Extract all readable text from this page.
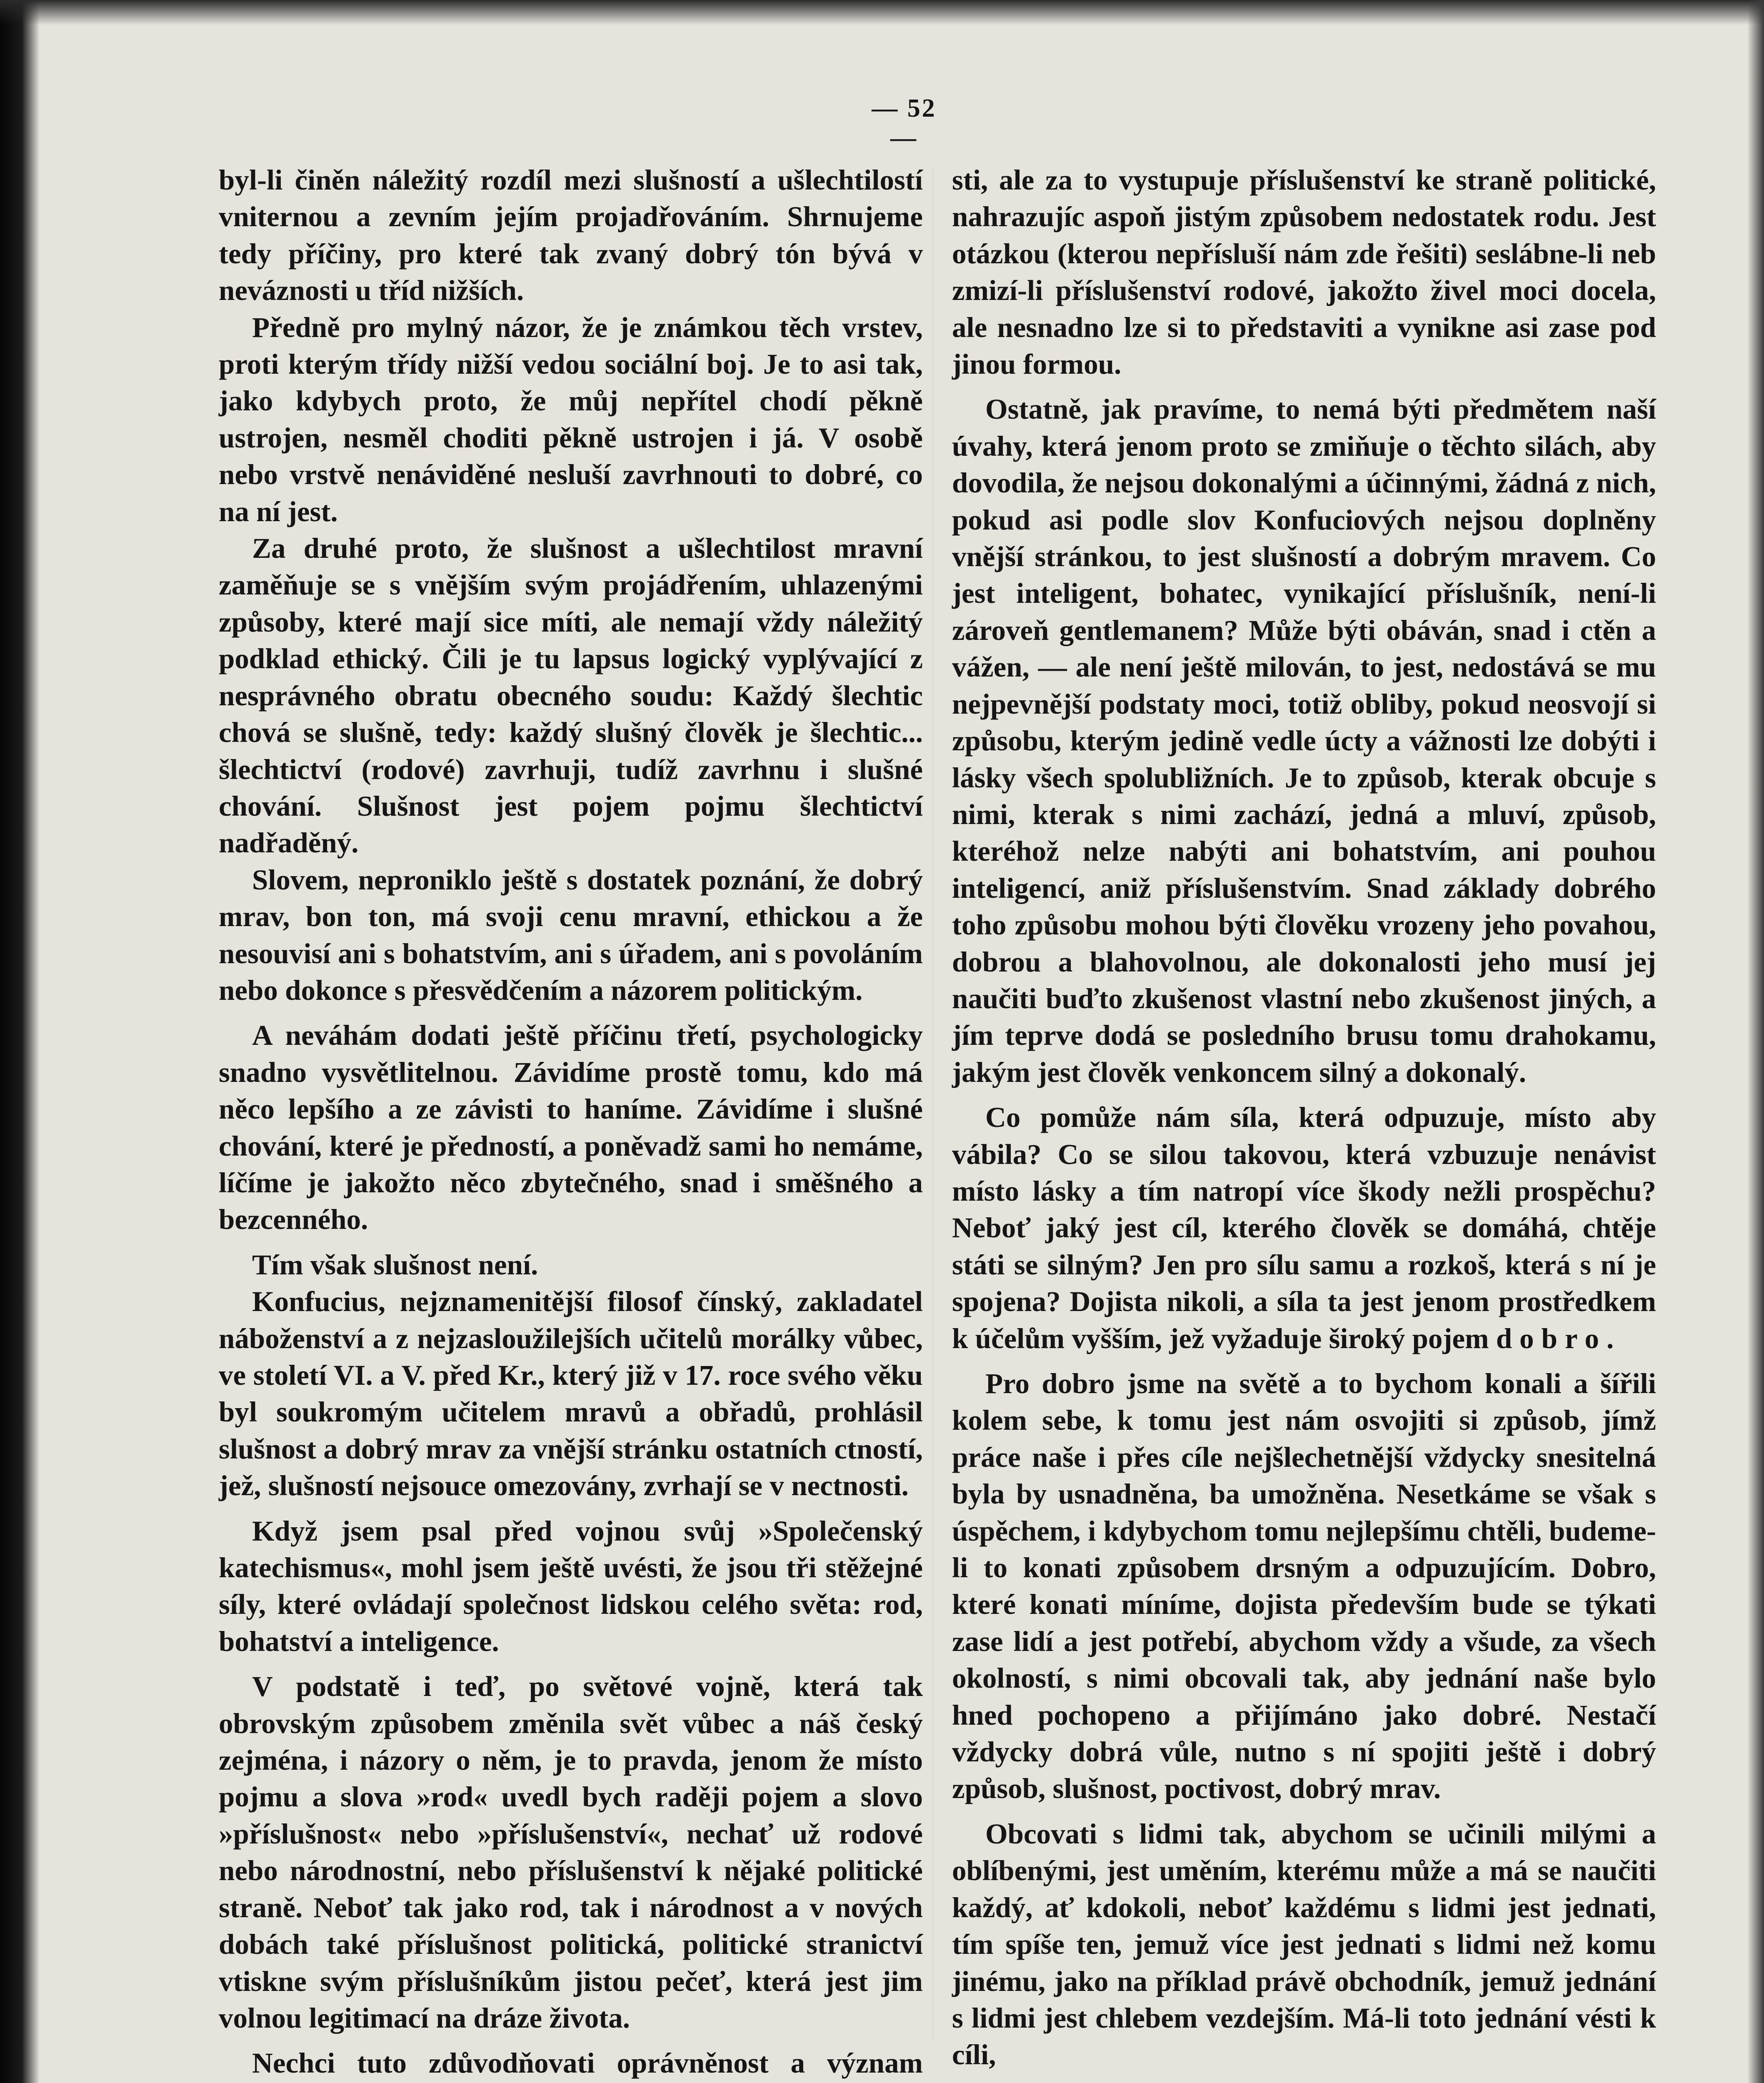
— 52 —

byl-li činěn náležitý rozdíl mezi slušností a ušlechtilostí vniternou a zevním jejím projadřováním. Shrnujeme tedy příčiny, pro které tak zvaný dobrý tón bývá v neváznosti u tříd nižších.

Předně pro mylný názor, že je známkou těch vrstev, proti kterým třídy nižší vedou sociální boj. Je to asi tak, jako kdybych proto, že můj nepřítel chodí pěkně ustrojen, nesměl choditi pěkně ustrojen i já. V osobě nebo vrstvě nenáviděné nesluší zavrhnouti to dobré, co na ní jest.

Za druhé proto, že slušnost a ušlechtilost mravní zaměňuje se s vnějším svým projádřením, uhlazenými způsoby, které mají sice míti, ale nemají vždy náležitý podklad ethický. Čili je tu lapsus logický vyplývající z nesprávného obratu obecného soudu: Každý šlechtic chová se slušně, tedy: každý slušný člověk je šlechtic... šlechtictví (rodové) zavrhuji, tudíž zavrhnu i slušné chování. Slušnost jest pojem pojmu šlechtictví nadřaděný.

Slovem, neproniklo ještě s dostatek poznání, že dobrý mrav, bon ton, má svoji cenu mravní, ethickou a že nesouvisí ani s bohatstvím, ani s úřadem, ani s povoláním nebo dokonce s přesvědčením a názorem politickým.

A neváhám dodati ještě příčinu třetí, psychologicky snadno vysvětlitelnou. Závidíme prostě tomu, kdo má něco lepšího a ze závisti to haníme. Závidíme i slušné chování, které je předností, a poněvadž sami ho nemáme, líčíme je jakožto něco zbytečného, snad i směšného a bezcenného.

Tím však slušnost není.

Konfucius, nejznamenitější filosof čínský, zakladatel náboženství a z nejzasloužilejších učitelů morálky vůbec, ve století VI. a V. před Kr., který již v 17. roce svého věku byl soukromým učitelem mravů a obřadů, prohlásil slušnost a dobrý mrav za vnější stránku ostatních ctností, jež, slušností nejsouce omezovány, zvrhají se v nectnosti.

Když jsem psal před vojnou svůj »Společenský katechismus«, mohl jsem ještě uvésti, že jsou tři stěžejné síly, které ovládají společnost lidskou celého světa: rod, bohatství a inteligence.

V podstatě i teď, po světové vojně, která tak obrovským způsobem změnila svět vůbec a náš český zejména, i názory o něm, je to pravda, jenom že místo pojmu a slova »rod« uvedl bych raději pojem a slovo »příslušnost« nebo »příslušenství«, nechať už rodové nebo národnostní, nebo příslušenství k nějaké politické straně. Neboť tak jako rod, tak i národnost a v nových dobách také příslušnost politická, politické stranictví vtiskne svým příslušníkům jistou pečeť, která jest jim volnou legitimací na dráze života.

Nechci tuto zdůvodňovati oprávněnost a význam

sti, ale za to vystupuje příslušenství ke straně politické, nahrazujíc aspoň jistým způsobem nedostatek rodu. Jest otázkou (kterou nepřísluší nám zde řešiti) seslábne-li neb zmizí-li příslušenství rodové, jakožto živel moci docela, ale nesnadno lze si to představiti a vynikne asi zase pod jinou formou.

Ostatně, jak pravíme, to nemá býti předmětem naší úvahy, která jenom proto se zmiňuje o těchto silách, aby dovodila, že nejsou dokonalými a účinnými, žádná z nich, pokud asi podle slov Konfuciových nejsou doplněny vnější stránkou, to jest slušností a dobrým mravem. Co jest inteligent, bohatec, vynikající příslušník, není-li zároveň gentlemanem? Může býti obáván, snad i ctěn a vážen, — ale není ještě milován, to jest, nedostává se mu nejpevnější podstaty moci, totiž obliby, pokud neosvojí si způsobu, kterým jedině vedle úcty a vážnosti lze dobýti i lásky všech spolubližních. Je to způsob, kterak obcuje s nimi, kterak s nimi zachází, jedná a mluví, způsob, kteréhož nelze nabýti ani bohatstvím, ani pouhou inteligencí, aniž příslušenstvím. Snad základy dobrého toho způsobu mohou býti člověku vrozeny jeho povahou, dobrou a blahovolnou, ale dokonalosti jeho musí jej naučiti buďto zkušenost vlastní nebo zkušenost jiných, a jím teprve dodá se posledního brusu tomu drahokamu, jakým jest člověk venkoncem silný a dokonalý.

Co pomůže nám síla, která odpuzuje, místo aby vábila? Co se silou takovou, která vzbuzuje nenávist místo lásky a tím natropí více škody nežli prospěchu? Neboť jaký jest cíl, kterého člověk se domáhá, chtěje státi se silným? Jen pro sílu samu a rozkoš, která s ní je spojena? Dojista nikoli, a síla ta jest jenom prostředkem k účelům vyšším, jež vyžaduje široký pojem dobro.

Pro dobro jsme na světě a to bychom konali a šířili kolem sebe, k tomu jest nám osvojiti si způsob, jímž práce naše i přes cíle nejšlechetnější vždycky snesitelná byla by usnadněna, ba umožněna. Nesetkáme se však s úspěchem, i kdybychom tomu nejlepšímu chtěli, budeme-li to konati způsobem drsným a odpuzujícím. Dobro, které konati míníme, dojista především bude se týkati zase lidí a jest potřebí, abychom vždy a všude, za všech okolností, s nimi obcovali tak, aby jednání naše bylo hned pochopeno a přijímáno jako dobré. Nestačí vždycky dobrá vůle, nutno s ní spojiti ještě i dobrý způsob, slušnost, poctivost, dobrý mrav.

Obcovati s lidmi tak, abychom se učinili milými a oblíbenými, jest uměním, kterému může a má se naučiti každý, ať kdokoli, neboť každému s lidmi jest jednati, tím spíše ten, jemuž více jest jednati s lidmi než komu jinému, jako na příklad právě obchodník, jemuž jednání s lidmi jest chlebem vezdejším. Má-li toto jednání vésti k cíli,
